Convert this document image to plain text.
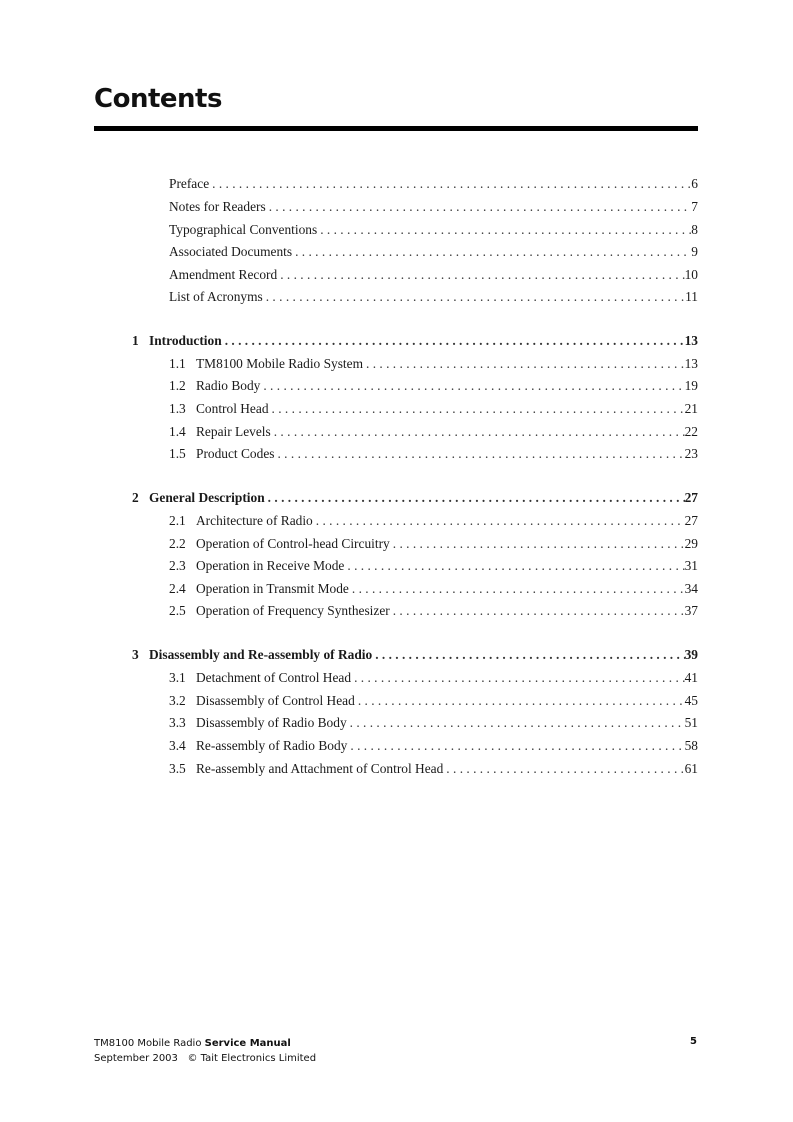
Contents
Preface . . .	6
Notes for Readers . . .	7
Typographical Conventions . . .	8
Associated Documents . . .	9
Amendment Record . . .	10
List of Acronyms . . .	11
1 Introduction . . .	13
1.1 TM8100 Mobile Radio System . . .	13
1.2 Radio Body . . .	19
1.3 Control Head . . .	21
1.4 Repair Levels . . .	22
1.5 Product Codes . . .	23
2 General Description . . .	27
2.1 Architecture of Radio . . .	27
2.2 Operation of Control-head Circuitry . . .	29
2.3 Operation in Receive Mode . . .	31
2.4 Operation in Transmit Mode . . .	34
2.5 Operation of Frequency Synthesizer . . .	37
3 Disassembly and Re-assembly of Radio . . .	39
3.1 Detachment of Control Head . . .	41
3.2 Disassembly of Control Head . . .	45
3.3 Disassembly of Radio Body . . .	51
3.4 Re-assembly of Radio Body . . .	58
3.5 Re-assembly and Attachment of Control Head . . .	61
TM8100 Mobile Radio Service Manual
September 2003 © Tait Electronics Limited
5
